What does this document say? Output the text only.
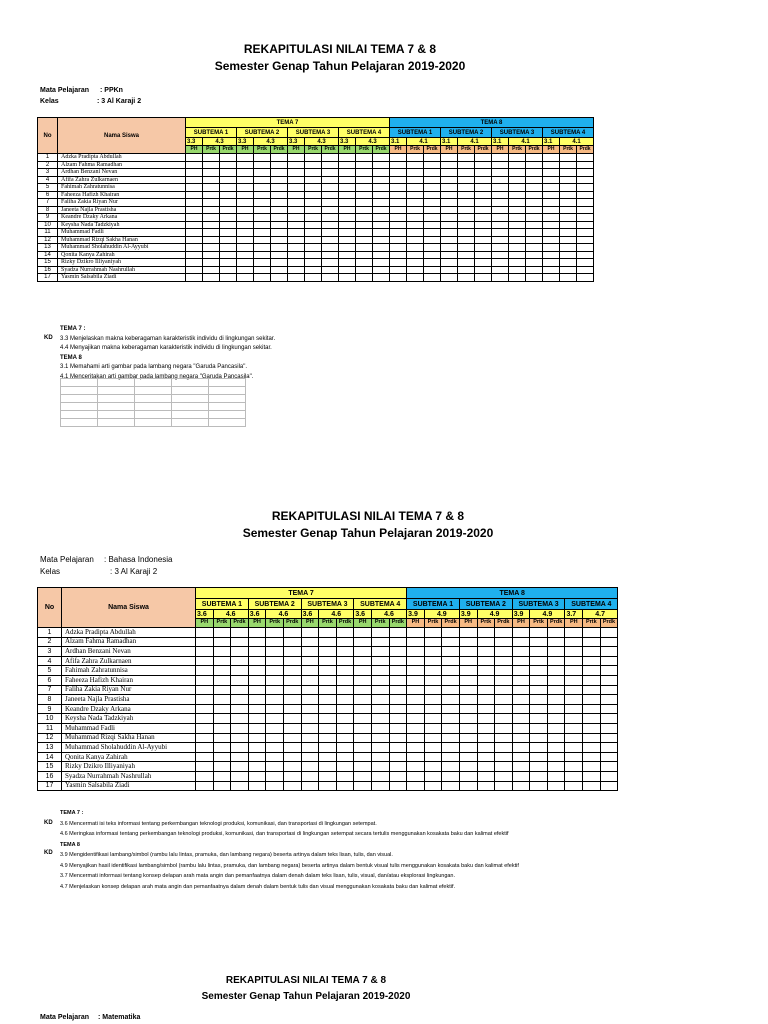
REKAPITULASI NILAI TEMA 7 & 8
Semester Genap Tahun Pelajaran 2019-2020
Mata Pelajaran : PPKn
Kelas	: 3 Al Karaji 2
No	Nama Siswa	TEMA 7												TEMA 8											
		SUBTEMA 1			SUBTEMA 2			SUBTEMA 3			SUBTEMA 4			SUBTEMA 1			SUBTEMA 2			SUBTEMA 3			SUBTEMA 4		
		3.3	4.3		3.3	4.3		3.3	4.3		3.3	4.3		3.1	4.1		3.1	4.1		3.1	4.1		3.1	4.1	
		PH	Prtk	Prdk	PH	Prtk	Prdk	PH	Prtk	Prdk	PH	Prtk	Prdk	PH	Prtk	Prdk	PH	Prtk	Prdk	PH	Prtk	Prdk	PH	Prtk	Prdk
1	Adzka Pradipta Abdullah																								
2	Alzam Fahma Ramadhan																								
3	Ardhan Benzani Nevan																								
4	Afifa Zahra Zulkarnaen																								
5	Fahimah Zahratunnisa																								
6	Faheeza Hafizh Khairan																								
7	Faliha Zakia Riyan Nur																								
8	Janeeta Najla Prastisha																								
9	Keandre Dzaky Arkana																								
10	Keysha Nada Tadzkiyah																								
11	Muhammad Fadli																								
12	Muhammad Rizqi Sakha Hanan																								
13	Muhammad Sholahuddin Al-Ayyubi																								
14	Qonita Kanya Zahirah																								
15	Rizky Dzikro Illiyaniyah																								
16	Syadza Nurrahmah Nashrullah																								
17	Yasmin Salsabila Ziadi																								
KD
TEMA 7 :
3.3 Menjelaskan makna keberagaman karakteristik individu di lingkungan sekitar.
4.4 Menyajikan makna keberagaman karakteristik individu di lingkungan sekitar.
TEMA 8
3.1 Memahami arti gambar pada lambang negara "Garuda Pancasila".
4.1 Menceritakan arti gambar pada lambang negara "Garuda Pancasila".

REKAPITULASI NILAI TEMA 7 & 8
Semester Genap Tahun Pelajaran 2019-2020
Mata Pelajaran : Bahasa Indonesia
Kelas	: 3 Al Karaji 2
No	Nama Siswa	TEMA 7												TEMA 8											
		SUBTEMA 1			SUBTEMA 2			SUBTEMA 3			SUBTEMA 4			SUBTEMA 1			SUBTEMA 2			SUBTEMA 3			SUBTEMA 4		
		3.6	4.6		3.6	4.6		3.6	4.6		3.6	4.6		3.9	4.9		3.9	4.9		3.9	4.9		3.7	4.7	
		PH	Prtk	Prdk	PH	Prtk	Prdk	PH	Prtk	Prdk	PH	Prtk	Prdk	PH	Prtk	Prdk	PH	Prtk	Prdk	PH	Prtk	Prdk	PH	Prtk	Prdk
1	Adzka Pradipta Abdullah																								
2	Alzam Fahma Ramadhan																								
3	Ardhan Benzani Nevan																								
4	Afifa Zahra Zulkarnaen																								
5	Fahimah Zahratunnisa																								
6	Faheeza Hafizh Khairan																								
7	Faliha Zakia Riyan Nur																								
8	Janeeta Najla Prastisha																								
9	Keandre Dzaky Arkana																								
10	Keysha Nada Tadzkiyah																								
11	Muhammad Fadli																								
12	Muhammad Rizqi Sakha Hanan																								
13	Muhammad Sholahuddin Al-Ayyubi																								
14	Qonita Kanya Zahirah																								
15	Rizky Dzikro Illiyaniyah																								
16	Syadza Nurrahmah Nashrullah																								
17	Yasmin Salsabila Ziadi																								
KD
KD
TEMA 7 :
3.6 Mencermati isi teks informasi tentang perkembangan teknologi produksi, komunikasi, dan transportasi di lingkungan setempat.
4.6 Meringkas informasi tentang perkembangan teknologi produksi, komunikasi, dan transportasi di lingkungan setempat secara tertulis menggunakan kosakata baku dan kalimat efektif
TEMA 8
3.9 Mengidentifikasi lambang/simbol (rambu lalu lintas, pramuka, dan lambang negara) beserta artinya dalam teks lisan, tulis, dan visual.
4.9 Menyajikan hasil identifikasi lambang/simbol (rambu lalu lintas, pramuka, dan lambang negara) beserta artinya dalam bentuk visual tulis menggunakan kosakata baku dan kalimat efektif
3.7 Mencermati informasi tentang konsep delapan arah mata angin dan pemanfaatnya dalam denah dalam teks lisan, tulis, visual, dan/atau eksplorasi lingkungan.
4.7 Menjelaskan konsep delapan arah mata angin dan pemanfaatnya dalam denah dalam bentuk tulis dan visual menggunakan kosakata baku dan kalimat efektif.
REKAPITULASI NILAI TEMA 7 & 8
Semester Genap Tahun Pelajaran 2019-2020
Mata Pelajaran : Matematika
